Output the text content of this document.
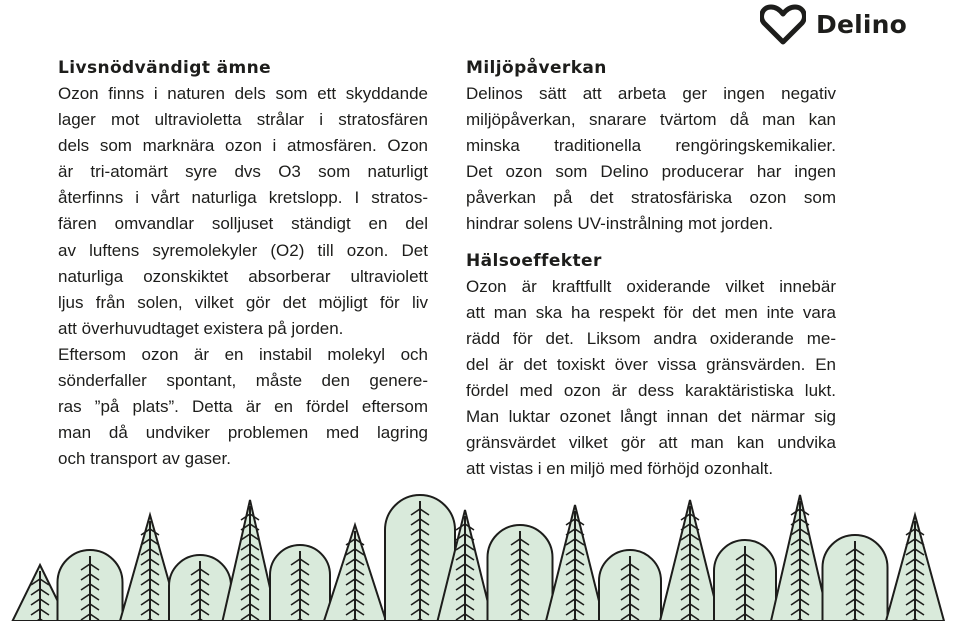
Delino
Livsnödvändigt ämne
Ozon finns i naturen dels som ett skyddande
lager mot ultravioletta strålar i stratosfären
dels som marknära ozon i atmosfären. Ozon
är tri-atomärt syre dvs O3 som naturligt
återfinns i vårt naturliga kretslopp. I stratos-
fären omvandlar solljuset ständigt en del
av luftens syremolekyler (O2) till ozon. Det
naturliga ozonskiktet absorberar ultraviolett
ljus från solen, vilket gör det möjligt för liv
att överhuvudtaget existera på jorden.
Eftersom ozon är en instabil molekyl och
sönderfaller spontant, måste den genere-
ras ”på plats”. Detta är en fördel eftersom
man då undviker problemen med lagring
och transport av gaser.
Miljöpåverkan
Delinos sätt att arbeta ger ingen negativ
miljöpåverkan, snarare tvärtom då man kan
minska traditionella rengöringskemikalier.
Det ozon som Delino producerar har ingen
påverkan på det stratosfäriska ozon som
hindrar solens UV-instrålning mot jorden.
Hälsoeffekter
Ozon är kraftfullt oxiderande vilket innebär
att man ska ha respekt för det men inte vara
rädd för det. Liksom andra oxiderande me-
del är det toxiskt över vissa gränsvärden. En
fördel med ozon är dess karaktäristiska lukt.
Man luktar ozonet långt innan det närmar sig
gränsvärdet vilket gör att man kan undvika
att vistas i en miljö med förhöjd ozonhalt.
